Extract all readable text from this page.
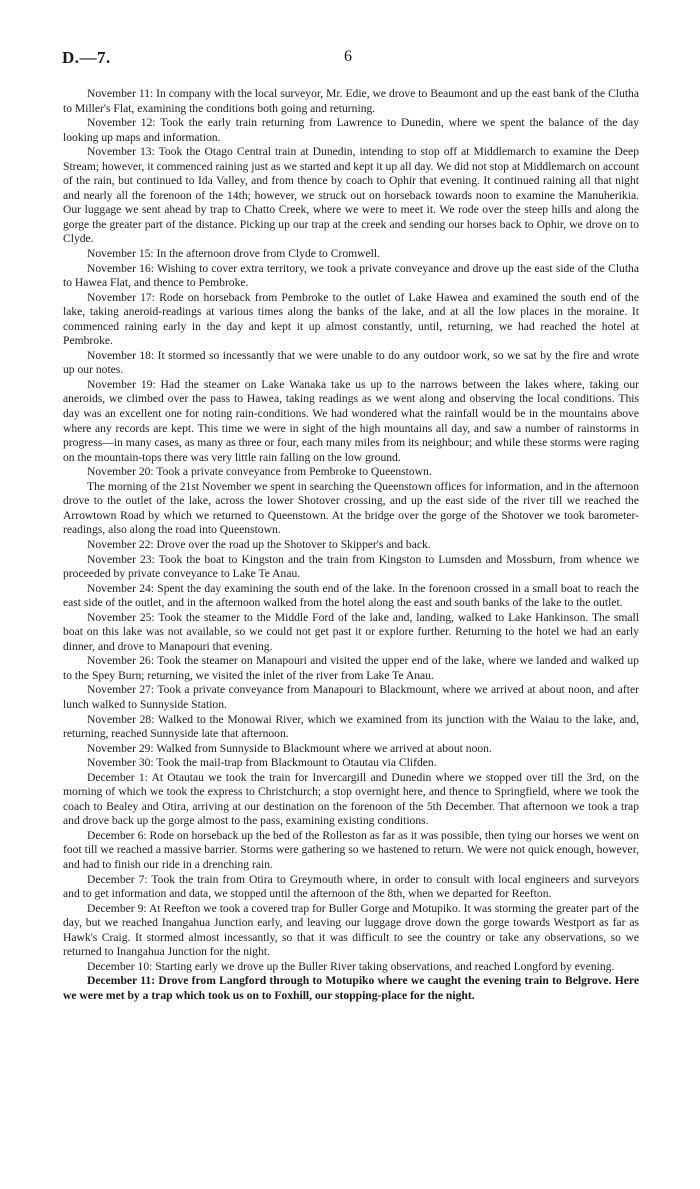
D.—7.	6

November 11: In company with the local surveyor, Mr. Edie, we drove to Beaumont and up the east bank of the Clutha to Miller's Flat, examining the conditions both going and returning.

November 12: Took the early train returning from Lawrence to Dunedin, where we spent the balance of the day looking up maps and information.

November 13: Took the Otago Central train at Dunedin, intending to stop off at Middlemarch to examine the Deep Stream; however, it commenced raining just as we started and kept it up all day. We did not stop at Middlemarch on account of the rain, but continued to Ida Valley, and from thence by coach to Ophir that evening. It continued raining all that night and nearly all the forenoon of the 14th; however, we struck out on horseback towards noon to examine the Manuherikia. Our luggage we sent ahead by trap to Chatto Creek, where we were to meet it. We rode over the steep hills and along the gorge the greater part of the distance. Picking up our trap at the creek and sending our horses back to Ophir, we drove on to Clyde.

November 15: In the afternoon drove from Clyde to Cromwell.

November 16: Wishing to cover extra territory, we took a private conveyance and drove up the east side of the Clutha to Hawea Flat, and thence to Pembroke.

November 17: Rode on horseback from Pembroke to the outlet of Lake Hawea and examined the south end of the lake, taking aneroid-readings at various times along the banks of the lake, and at all the low places in the moraine. It commenced raining early in the day and kept it up almost constantly, until, returning, we had reached the hotel at Pembroke.

November 18: It stormed so incessantly that we were unable to do any outdoor work, so we sat by the fire and wrote up our notes.

November 19: Had the steamer on Lake Wanaka take us up to the narrows between the lakes where, taking our aneroids, we climbed over the pass to Hawea, taking readings as we went along and observing the local conditions. This day was an excellent one for noting rain-conditions. We had wondered what the rainfall would be in the mountains above where any records are kept. This time we were in sight of the high mountains all day, and saw a number of rainstorms in progress—in many cases, as many as three or four, each many miles from its neighbour; and while these storms were raging on the mountain-tops there was very little rain falling on the low ground.

November 20: Took a private conveyance from Pembroke to Queenstown.

The morning of the 21st November we spent in searching the Queenstown offices for information, and in the afternoon drove to the outlet of the lake, across the lower Shotover crossing, and up the east side of the river till we reached the Arrowtown Road by which we returned to Queenstown. At the bridge over the gorge of the Shotover we took barometer-readings, also along the road into Queenstown.

November 22: Drove over the road up the Shotover to Skipper's and back.

November 23: Took the boat to Kingston and the train from Kingston to Lumsden and Mossburn, from whence we proceeded by private conveyance to Lake Te Anau.

November 24: Spent the day examining the south end of the lake. In the forenoon crossed in a small boat to reach the east side of the outlet, and in the afternoon walked from the hotel along the east and south banks of the lake to the outlet.

November 25: Took the steamer to the Middle Ford of the lake and, landing, walked to Lake Hankinson. The small boat on this lake was not available, so we could not get past it or explore further. Returning to the hotel we had an early dinner, and drove to Manapouri that evening.

November 26: Took the steamer on Manapouri and visited the upper end of the lake, where we landed and walked up to the Spey Burn; returning, we visited the inlet of the river from Lake Te Anau.

November 27: Took a private conveyance from Manapouri to Blackmount, where we arrived at about noon, and after lunch walked to Sunnyside Station.

November 28: Walked to the Monowai River, which we examined from its junction with the Waiau to the lake, and, returning, reached Sunnyside late that afternoon.

November 29: Walked from Sunnyside to Blackmount where we arrived at about noon.

November 30: Took the mail-trap from Blackmount to Otautau via Clifden.

December 1: At Otautau we took the train for Invercargill and Dunedin where we stopped over till the 3rd, on the morning of which we took the express to Christchurch; a stop overnight here, and thence to Springfield, where we took the coach to Bealey and Otira, arriving at our destination on the forenoon of the 5th December. That afternoon we took a trap and drove back up the gorge almost to the pass, examining existing conditions.

December 6: Rode on horseback up the bed of the Rolleston as far as it was possible, then tying our horses we went on foot till we reached a massive barrier. Storms were gathering so we hastened to return. We were not quick enough, however, and had to finish our ride in a drenching rain.

December 7: Took the train from Otira to Greymouth where, in order to consult with local engineers and surveyors and to get information and data, we stopped until the afternoon of the 8th, when we departed for Reefton.

December 9: At Reefton we took a covered trap for Buller Gorge and Motupiko. It was storming the greater part of the day, but we reached Inangahua Junction early, and leaving our luggage drove down the gorge towards Westport as far as Hawk's Craig. It stormed almost incessantly, so that it was difficult to see the country or take any observations, so we returned to Inangahua Junction for the night.

December 10: Starting early we drove up the Buller River taking observations, and reached Longford by evening.

December 11: Drove from Langford through to Motupiko where we caught the evening train to Belgrove. Here we were met by a trap which took us on to Foxhill, our stopping-place for the night.
